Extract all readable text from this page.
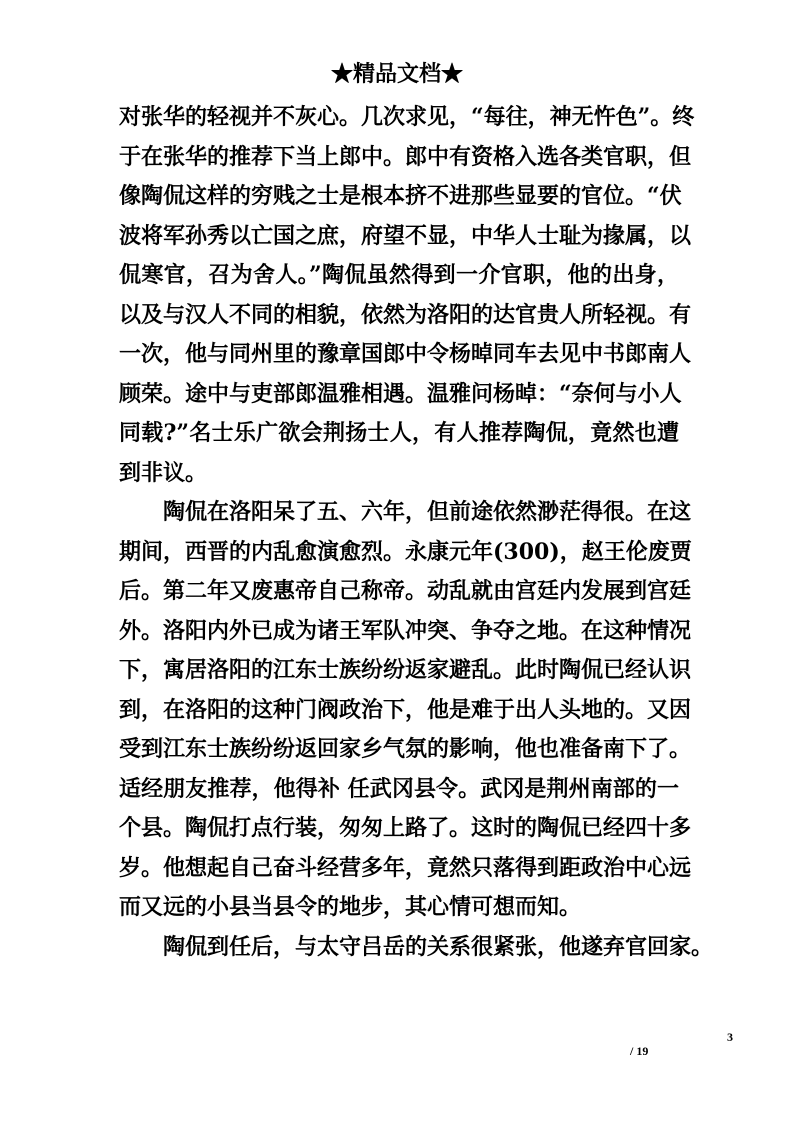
★精品文档★
对张华的轻视并不灰心。几次求见，“每往，神无忤色”。终
于在张华的推荐下当上郎中。郎中有资格入选各类官职，但
像陶侃这样的穷贱之士是根本挤不进那些显要的官位。“伏
波将军孙秀以亡国之庶，府望不显，中华人士耻为掾属，以
侃寒官，召为舍人。”陶侃虽然得到一介官职，他的出身，
以及与汉人不同的相貌，依然为洛阳的达官贵人所轻视。有
一次，他与同州里的豫章国郎中令杨晫同车去见中书郎南人
顾荣。途中与吏部郎温雅相遇。温雅问杨晫：“奈何与小人
同载?”名士乐广欲会荆扬士人，有人推荐陶侃，竟然也遭
到非议。
陶侃在洛阳呆了五、六年，但前途依然渺茫得很。在这
期间，西晋的内乱愈演愈烈。永康元年(300)，赵王伦废贾
后。第二年又废惠帝自己称帝。动乱就由宫廷内发展到宫廷
外。洛阳内外已成为诸王军队冲突、争夺之地。在这种情况
下，寓居洛阳的江东士族纷纷返家避乱。此时陶侃已经认识
到，在洛阳的这种门阀政治下，他是难于出人头地的。又因
受到江东士族纷纷返回家乡气氛的影响，他也准备南下了。
适经朋友推荐，他得补 任武冈县令。武冈是荆州南部的一
个县。陶侃打点行装，匆匆上路了。这时的陶侃已经四十多
岁。他想起自己奋斗经营多年，竟然只落得到距政治中心远
而又远的小县当县令的地步，其心情可想而知。
陶侃到任后，与太守吕岳的关系很紧张，他遂弃官回家。
3
/ 19
